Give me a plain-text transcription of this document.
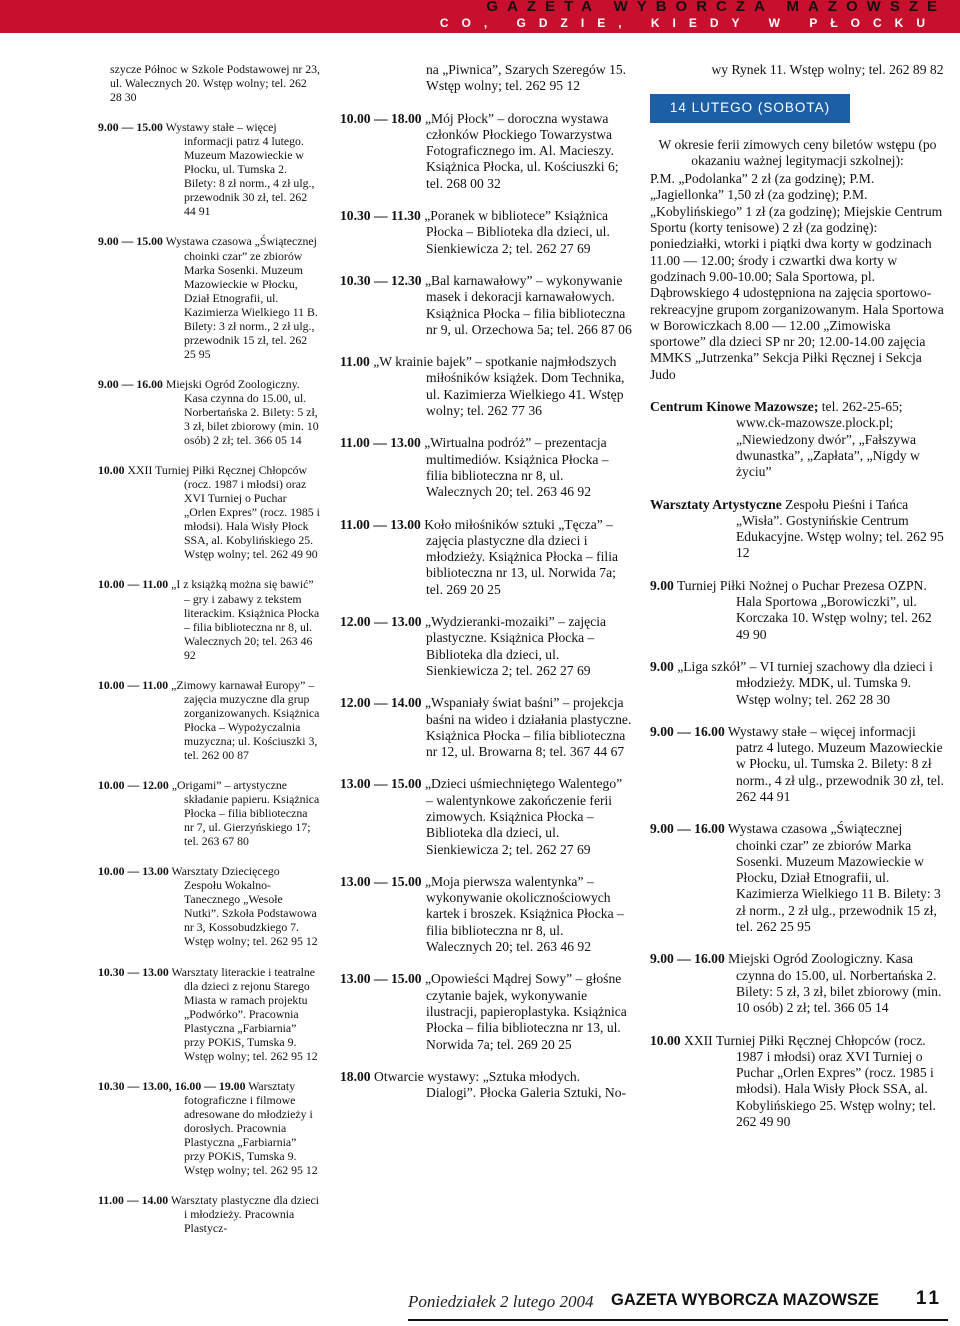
GAZETA WYBORCZA MAZOWSZE
CO, GDZIE, KIEDY W PŁOCKU

szycze Północ w Szkole Podstawowej nr 23, ul. Walecznych 20. Wstęp wolny; tel. 262 28 30

9.00 — 15.00 Wystawy stałe – więcej informacji patrz 4 lutego. Muzeum Mazowieckie w Płocku, ul. Tumska 2. Bilety: 8 zł norm., 4 zł ulg., przewodnik 30 zł, tel. 262 44 91

9.00 — 15.00 Wystawa czasowa „Świątecznej choinki czar” ze zbiorów Marka Sosenki. Muzeum Mazowieckie w Płocku, Dział Etnografii, ul. Kazimierza Wielkiego 11 B. Bilety: 3 zł norm., 2 zł ulg., przewodnik 15 zł, tel. 262 25 95

9.00 — 16.00 Miejski Ogród Zoologiczny. Kasa czynna do 15.00, ul. Norbertańska 2. Bilety: 5 zł, 3 zł, bilet zbiorowy (min. 10 osób) 2 zł; tel. 366 05 14

10.00 XXII Turniej Piłki Ręcznej Chłopców (rocz. 1987 i młodsi) oraz XVI Turniej o Puchar „Orlen Expres” (rocz. 1985 i młodsi). Hala Wisły Płock SSA, al. Kobylińskiego 25. Wstęp wolny; tel. 262 49 90

10.00 — 11.00 „I z książką można się bawić” – gry i zabawy z tekstem literackim. Książnica Płocka – filia biblioteczna nr 8, ul. Walecznych 20; tel. 263 46 92

10.00 — 11.00 „Zimowy karnawał Europy” – zajęcia muzyczne dla grup zorganizowanych. Książnica Płocka – Wypożyczalnia muzyczna; ul. Kościuszki 3, tel. 262 00 87

10.00 — 12.00 „Origami” – artystyczne składanie papieru. Książnica Płocka – filia biblioteczna nr 7, ul. Gierzyńskiego 17; tel. 263 67 80

10.00 — 13.00 Warsztaty Dziecięcego Zespołu Wokalno-Tanecznego „Wesołe Nutki”. Szkoła Podstawowa nr 3, Kossobudzkiego 7. Wstęp wolny; tel. 262 95 12

10.30 — 13.00 Warsztaty literackie i teatralne dla dzieci z rejonu Starego Miasta w ramach projektu „Podwórko”. Pracownia Plastyczna „Farbiarnia” przy POKiS, Tumska 9. Wstęp wolny; tel. 262 95 12

10.30 — 13.00, 16.00 — 19.00 Warsztaty fotograficzne i filmowe adresowane do młodzieży i dorosłych. Pracownia Plastyczna „Farbiarnia” przy POKiS, Tumska 9. Wstęp wolny; tel. 262 95 12

11.00 — 14.00 Warsztaty plastyczne dla dzieci i młodzieży. Pracownia Plastycz-

na „Piwnica”, Szarych Szeregów 15. Wstęp wolny; tel. 262 95 12

10.00 — 18.00 „Mój Płock” – doroczna wystawa członków Płockiego Towarzystwa Fotograficznego im. Al. Macieszy. Książnica Płocka, ul. Kościuszki 6; tel. 268 00 32

10.30 — 11.30 „Poranek w bibliotece” Książnica Płocka – Biblioteka dla dzieci, ul. Sienkiewicza 2; tel. 262 27 69

10.30 — 12.30 „Bal karnawałowy” – wykonywanie masek i dekoracji karnawałowych. Książnica Płocka – filia biblioteczna nr 9, ul. Orzechowa 5a; tel. 266 87 06

11.00 „W krainie bajek” – spotkanie najmłodszych miłośników książek. Dom Technika, ul. Kazimierza Wielkiego 41. Wstęp wolny; tel. 262 77 36

11.00 — 13.00 „Wirtualna podróż” – prezentacja multimediów. Książnica Płocka – filia biblioteczna nr 8, ul. Walecznych 20; tel. 263 46 92

11.00 — 13.00 Koło miłośników sztuki „Tęcza” – zajęcia plastyczne dla dzieci i młodzieży. Książnica Płocka – filia biblioteczna nr 13, ul. Norwida 7a; tel. 269 20 25

12.00 — 13.00 „Wydzieranki-mozaiki” – zajęcia plastyczne. Książnica Płocka – Biblioteka dla dzieci, ul. Sienkiewicza 2; tel. 262 27 69

12.00 — 14.00 „Wspaniały świat baśni” – projekcja baśni na wideo i działania plastyczne. Książnica Płocka – filia biblioteczna nr 12, ul. Browarna 8; tel. 367 44 67

13.00 — 15.00 „Dzieci uśmiechniętego Walentego” – walentynkowe zakończenie ferii zimowych. Książnica Płocka – Biblioteka dla dzieci, ul. Sienkiewicza 2; tel. 262 27 69

13.00 — 15.00 „Moja pierwsza walentynka” – wykonywanie okolicznościowych kartek i broszek. Książnica Płocka – filia biblioteczna nr 8, ul. Walecznych 20; tel. 263 46 92

13.00 — 15.00 „Opowieści Mądrej Sowy” – głośne czytanie bajek, wykonywanie ilustracji, papieroplastyka. Książnica Płocka – filia biblioteczna nr 13, ul. Norwida 7a; tel. 269 20 25

18.00 Otwarcie wystawy: „Sztuka młodych. Dialogi”. Płocka Galeria Sztuki, No-

wy Rynek 11. Wstęp wolny; tel. 262 89 82

14 LUTEGO (SOBOTA)

W okresie ferii zimowych ceny biletów wstępu (po okazaniu ważnej legitymacji szkolnej):

P.M. „Podolanka” 2 zł (za godzinę); P.M. „Jagiellonka” 1,50 zł (za godzinę); P.M. „Kobylińskiego” 1 zł (za godzinę); Miejskie Centrum Sportu (korty tenisowe) 2 zł (za godzinę): poniedziałki, wtorki i piątki dwa korty w godzinach 11.00 — 12.00; środy i czwartki dwa korty w godzinach 9.00-10.00; Sala Sportowa, pl. Dąbrowskiego 4 udostępniona na zajęcia sportowo-rekreacyjne grupom zorganizowanym. Hala Sportowa w Borowiczkach 8.00 — 12.00 „Zimowiska sportowe” dla dzieci SP nr 20; 12.00-14.00 zajęcia MMKS „Jutrzenka” Sekcja Piłki Ręcznej i Sekcja Judo

Centrum Kinowe Mazowsze; tel. 262-25-65; www.ck-mazowsze.plock.pl; „Niewiedzony dwór”, „Fałszywa dwunastka”, „Zapłata”, „Nigdy w życiu”

Warsztaty Artystyczne Zespołu Pieśni i Tańca „Wisła”. Gostynińskie Centrum Edukacyjne. Wstęp wolny; tel. 262 95 12

9.00 Turniej Piłki Nożnej o Puchar Prezesa OZPN. Hala Sportowa „Borowiczki”, ul. Korczaka 10. Wstęp wolny; tel. 262 49 90

9.00 „Liga szkół” – VI turniej szachowy dla dzieci i młodzieży. MDK, ul. Tumska 9. Wstęp wolny; tel. 262 28 30

9.00 — 16.00 Wystawy stałe – więcej informacji patrz 4 lutego. Muzeum Mazowieckie w Płocku, ul. Tumska 2. Bilety: 8 zł norm., 4 zł ulg., przewodnik 30 zł, tel. 262 44 91

9.00 — 16.00 Wystawa czasowa „Świątecznej choinki czar” ze zbiorów Marka Sosenki. Muzeum Mazowieckie w Płocku, Dział Etnografii, ul. Kazimierza Wielkiego 11 B. Bilety: 3 zł norm., 2 zł ulg., przewodnik 15 zł, tel. 262 25 95

9.00 — 16.00 Miejski Ogród Zoologiczny. Kasa czynna do 15.00, ul. Norbertańska 2. Bilety: 5 zł, 3 zł, bilet zbiorowy (min. 10 osób) 2 zł; tel. 366 05 14

10.00 XXII Turniej Piłki Ręcznej Chłopców (rocz. 1987 i młodsi) oraz XVI Turniej o Puchar „Orlen Expres” (rocz. 1985 i młodsi). Hala Wisły Płock SSA, al. Kobylińskiego 25. Wstęp wolny; tel. 262 49 90

Poniedziałek 2 lutego 2004 GAZETA WYBORCZA MAZOWSZE 11
